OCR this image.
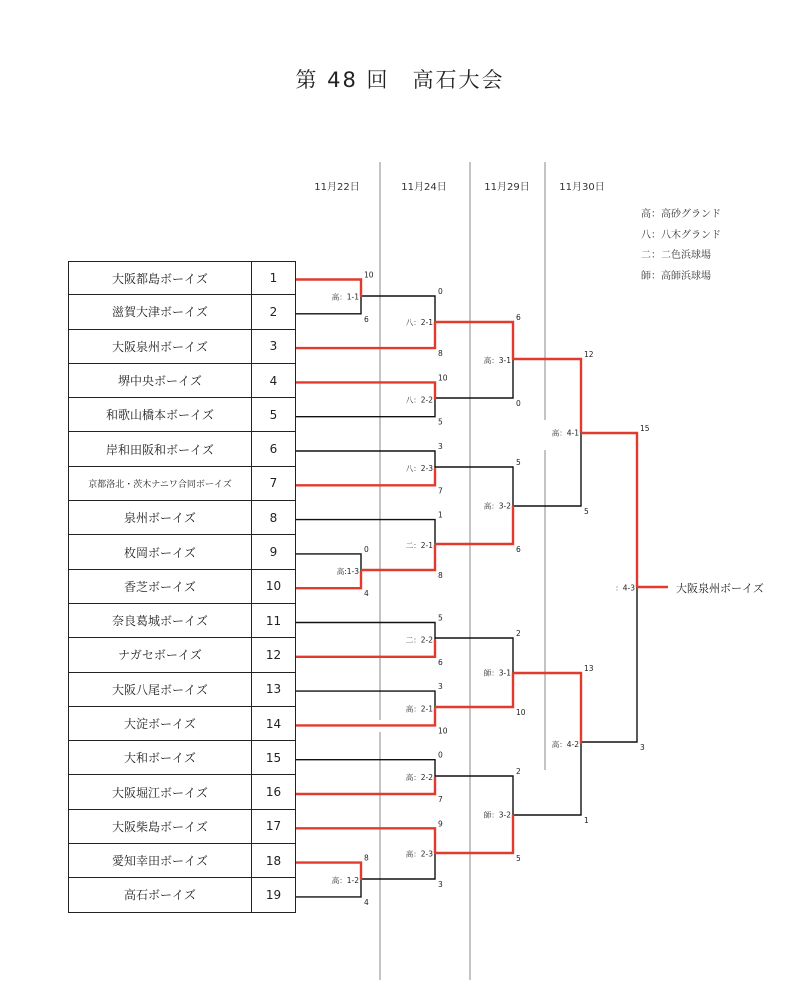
第 48 回　高石大会
11月22日	11月24日	11月29日	11月30日
高：高砂グランド
八：八木グランド
二：二色浜球場
師：高師浜球場
高：1-1
10
6
高:1-3
0
4
高：1-2
8
4
八：2-1
0
8
八：2-2
10
5
八：2-3
3
7
二：2-1
1
8
二：2-2
5
6
高：2-1
3
10
高：2-2
0
7
高：2-3
9
3
高：3-1
6
0
高：3-2
5
6
師：3-1
2
10
師：3-2
2
5
高：4-1
12
5
高：4-2
13
1
：4-3
15
3
大阪都島ボーイズ	1
滋賀大津ボーイズ	2
大阪泉州ボーイズ	3
堺中央ボーイズ	4
和歌山橋本ボーイズ	5
岸和田阪和ボーイズ	6
京都洛北・茨木ナニワ合同ボーイズ	7
泉州ボーイズ	8
枚岡ボーイズ	9
香芝ボーイズ	10
奈良葛城ボーイズ	11
ナガセボーイズ	12
大阪八尾ボーイズ	13
大淀ボーイズ	14
大和ボーイズ	15
大阪堀江ボーイズ	16
大阪柴島ボーイズ	17
愛知幸田ボーイズ	18
高石ボーイズ	19
大阪泉州ボーイズ
